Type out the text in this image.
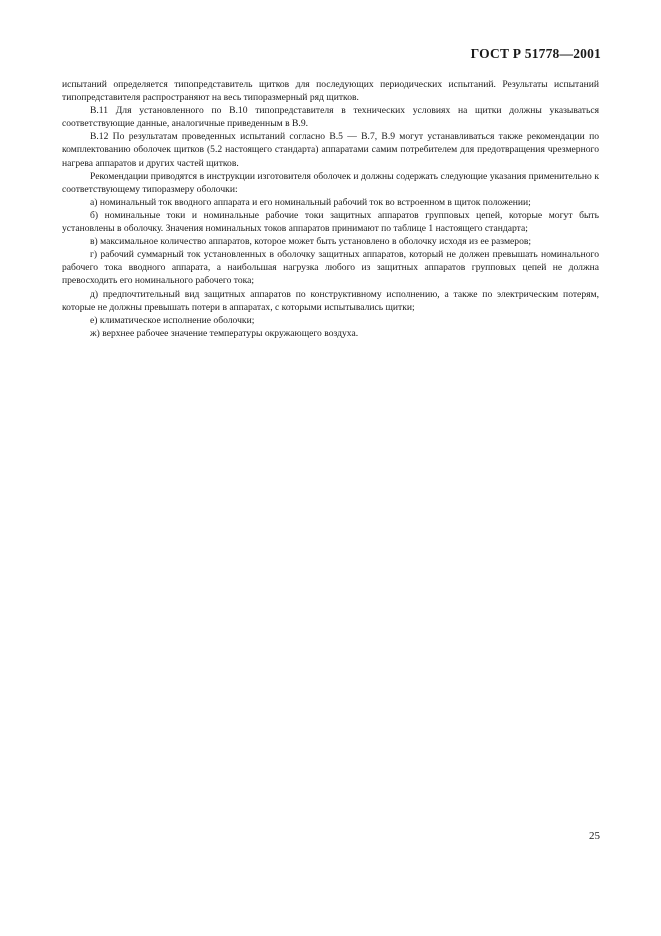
ГОСТ Р 51778—2001

испытаний определяется типопредставитель щитков для последующих периодических испытаний. Результаты испытаний типопредставителя распространяют на весь типоразмерный ряд щитков.

В.11 Для установленного по В.10 типопредставителя в технических условиях на щитки должны указываться соответствующие данные, аналогичные приведенным в В.9.

В.12 По результатам проведенных испытаний согласно В.5 — В.7, В.9 могут устанавливаться также рекомендации по комплектованию оболочек щитков (5.2 настоящего стандарта) аппаратами самим потребителем для предотвращения чрезмерного нагрева аппаратов и других частей щитков.

Рекомендации приводятся в инструкции изготовителя оболочек и должны содержать следующие указания применительно к соответствующему типоразмеру оболочки:

а) номинальный ток вводного аппарата и его номинальный рабочий ток во встроенном в щиток положении;

б) номинальные токи и номинальные рабочие токи защитных аппаратов групповых цепей, которые могут быть установлены в оболочку. Значения номинальных токов аппаратов принимают по таблице 1 настоящего стандарта;

в) максимальное количество аппаратов, которое может быть установлено в оболочку исходя из ее размеров;

г) рабочий суммарный ток установленных в оболочку защитных аппаратов, который не должен превышать номинального рабочего тока вводного аппарата, а наибольшая нагрузка любого из защитных аппаратов групповых цепей не должна превосходить его номинального рабочего тока;

д) предпочтительный вид защитных аппаратов по конструктивному исполнению, а также по электрическим потерям, которые не должны превышать потери в аппаратах, с которыми испытывались щитки;

е) климатическое исполнение оболочки;

ж) верхнее рабочее значение температуры окружающего воздуха.

25
